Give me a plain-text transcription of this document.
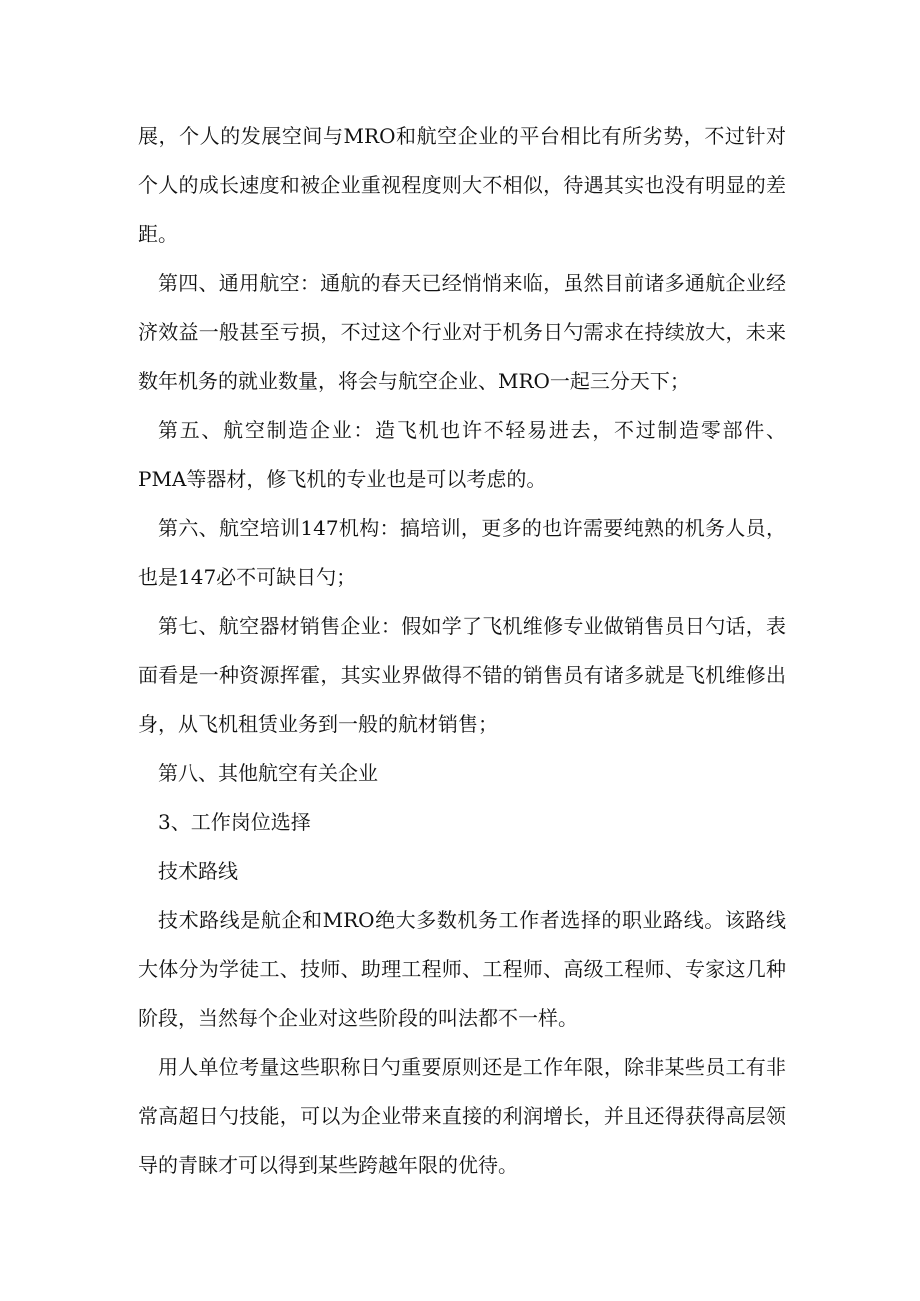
展，个人的发展空间与MRO和航空企业的平台相比有所劣势，不过针对个人的成长速度和被企业重视程度则大不相似，待遇其实也没有明显的差距。

第四、通用航空：通航的春天已经悄悄来临，虽然目前诸多通航企业经济效益一般甚至亏损，不过这个行业对于机务日勺需求在持续放大，未来数年机务的就业数量，将会与航空企业、MRO一起三分天下；

第五、航空制造企业：造飞机也许不轻易进去，不过制造零部件、PMA等器材，修飞机的专业也是可以考虑的。

第六、航空培训147机构：搞培训，更多的也许需要纯熟的机务人员，也是147必不可缺日勺；

第七、航空器材销售企业：假如学了飞机维修专业做销售员日勺话，表面看是一种资源挥霍，其实业界做得不错的销售员有诸多就是飞机维修出身，从飞机租赁业务到一般的航材销售；

第八、其他航空有关企业

3、工作岗位选择

技术路线

技术路线是航企和MRO绝大多数机务工作者选择的职业路线。该路线大体分为学徒工、技师、助理工程师、工程师、高级工程师、专家这几种阶段，当然每个企业对这些阶段的叫法都不一样。

用人单位考量这些职称日勺重要原则还是工作年限，除非某些员工有非常高超日勺技能，可以为企业带来直接的利润增长，并且还得获得高层领导的青睐才可以得到某些跨越年限的优待。
